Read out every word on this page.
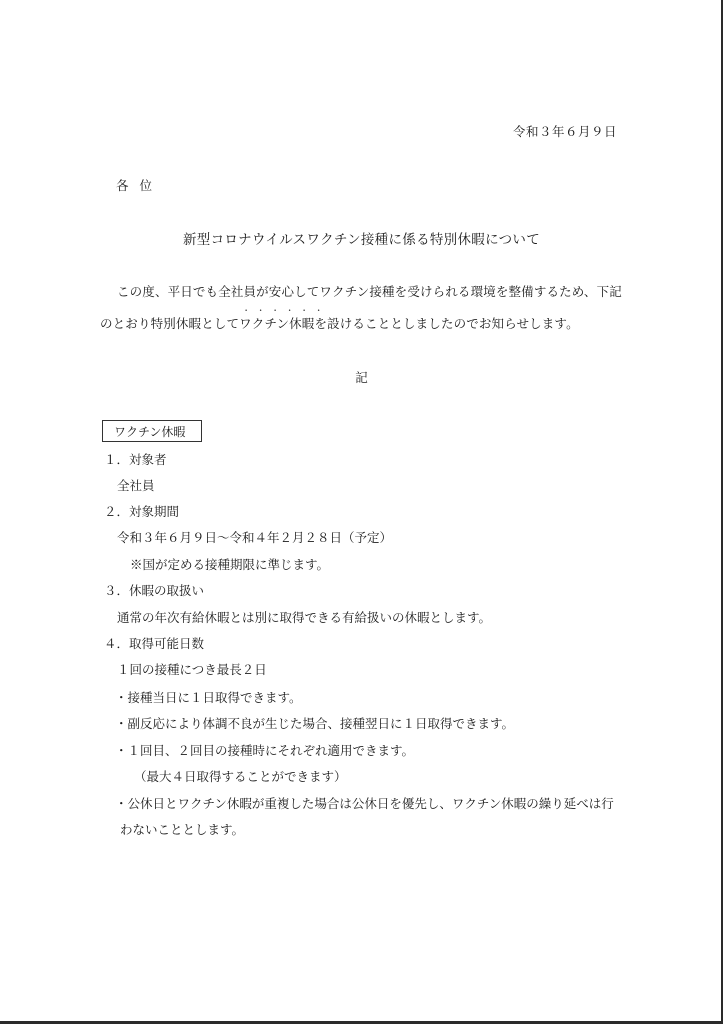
令和３年６月９日
各位
新型コロナウイルスワクチン接種に係る特別休暇について
この度、平日でも全社員が安心してワクチン接種を受けられる環境を整備するため、下記
のとおり特別休暇として
・・・・・・
ワクチン休暇を設けることとしましたのでお知らせします。
記
ワクチン休暇
１．対象者
全社員
２．対象期間
令和３年６月９日～令和４年２月２８日（予定）
※国が定める接種期限に準じます。
３．休暇の取扱い
通常の年次有給休暇とは別に取得できる有給扱いの休暇とします。
４．取得可能日数
１回の接種につき最長２日
・接種当日に１日取得できます。
・副反応により体調不良が生じた場合、接種翌日に１日取得できます。
・１回目、２回目の接種時にそれぞれ適用できます。
（最大４日取得することができます）
・公休日とワクチン休暇が重複した場合は公休日を優先し、ワクチン休暇の繰り延べは行
わないこととします。
